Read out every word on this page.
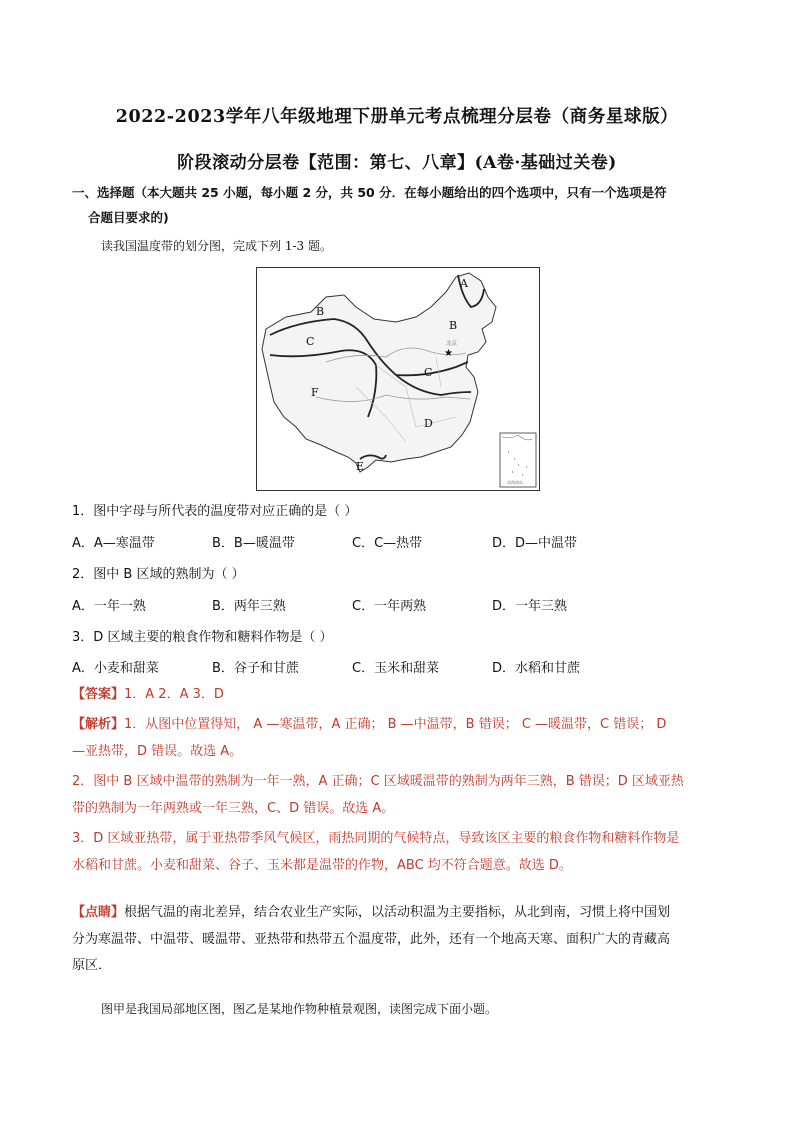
2022-2023学年八年级地理下册单元考点梳理分层卷（商务星球版）
阶段滚动分层卷【范围：第七、八章】(A卷·基础过关卷)
一、选择题（本大题共 25 小题，每小题 2 分，共 50 分．在每小题给出的四个选项中，只有一个选项是符
合题目要求的)
读我国温度带的划分图，完成下列 1-3 题。
A
B
B
C
C
D
E
F
★
北京
南海诸岛
1．图中字母与所代表的温度带对应正确的是（ ）
A．A—寒温带	B．B—暖温带	C．C—热带	D．D—中温带
2．图中 B 区域的熟制为（ ）
A．一年一熟	B．两年三熟	C．一年两熟	D．一年三熟
3．D 区域主要的粮食作物和糖料作物是（ ）
A．小麦和甜菜	B．谷子和甘蔗	C．玉米和甜菜	D．水稻和甘蔗
【答案】1．A 2．A 3．D
【解析】1．从图中位置得知， A —寒温带，A 正确； B —中温带，B 错误； C —暖温带，C 错误； D
—亚热带，D 错误。故选 A。
2．图中 B 区域中温带的熟制为一年一熟，A 正确；C 区域暖温带的熟制为两年三熟，B 错误；D 区域亚热
带的熟制为一年两熟或一年三熟，C、D 错误。故选 A。
3．D 区域亚热带，属于亚热带季风气候区，雨热同期的气候特点，导致该区主要的粮食作物和糖料作物是
水稻和甘蔗。小麦和甜菜、谷子、玉米都是温带的作物，ABC 均不符合题意。故选 D。
【点睛】根据气温的南北差异，结合农业生产实际，以活动积温为主要指标，从北到南，习惯上将中国划
分为寒温带、中温带、暖温带、亚热带和热带五个温度带，此外，还有一个地高天寒、面积广大的青藏高
原区．
图甲是我国局部地区图，图乙是某地作物种植景观图，读图完成下面小题。
